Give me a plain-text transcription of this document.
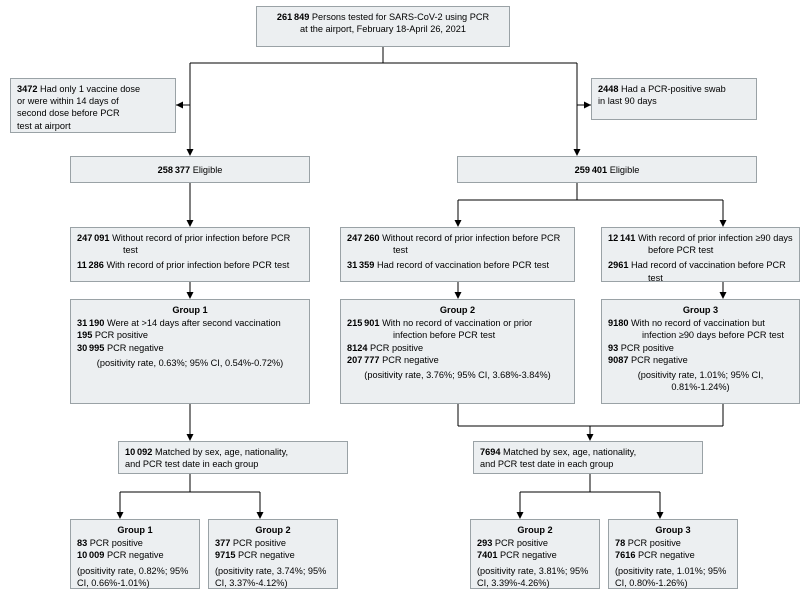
261 849 Persons tested for SARS-CoV-2 using PCR
at the airport, February 18-April 26, 2021
3472 Had only 1 vaccine dose
or were within 14 days of
second dose before PCR
test at airport
2448 Had a PCR-positive swab
in last 90 days
258 377 Eligible	259 401 Eligible
247 091 Without record of prior infection before PCR test
11 286 With record of prior infection before PCR test
247 260 Without record of prior infection before PCR test
31 359 Had record of vaccination before PCR test
12 141 With record of prior infection ≥90 days before PCR test
2961 Had record of vaccination before PCR test
Group 1
31 190 Were at >14 days after second vaccination
195 PCR positive
30 995 PCR negative
(positivity rate, 0.63%; 95% CI, 0.54%-0.72%)
Group 2
215 901 With no record of vaccination or prior infection before PCR test
8124 PCR positive
207 777 PCR negative
(positivity rate, 3.76%; 95% CI, 3.68%-3.84%)
Group 3
9180 With no record of vaccination but infection ≥90 days before PCR test
93 PCR positive
9087 PCR negative
(positivity rate, 1.01%; 95% CI, 0.81%-1.24%)
10 092 Matched by sex, age, nationality,
and PCR test date in each group
7694 Matched by sex, age, nationality,
and PCR test date in each group
Group 1
83 PCR positive
10 009 PCR negative
(positivity rate, 0.82%; 95% CI, 0.66%-1.01%)
Group 2
377 PCR positive
9715 PCR negative
(positivity rate, 3.74%; 95% CI, 3.37%-4.12%)
Group 2
293 PCR positive
7401 PCR negative
(positivity rate, 3.81%; 95% CI, 3.39%-4.26%)
Group 3
78 PCR positive
7616 PCR negative
(positivity rate, 1.01%; 95% CI, 0.80%-1.26%)
